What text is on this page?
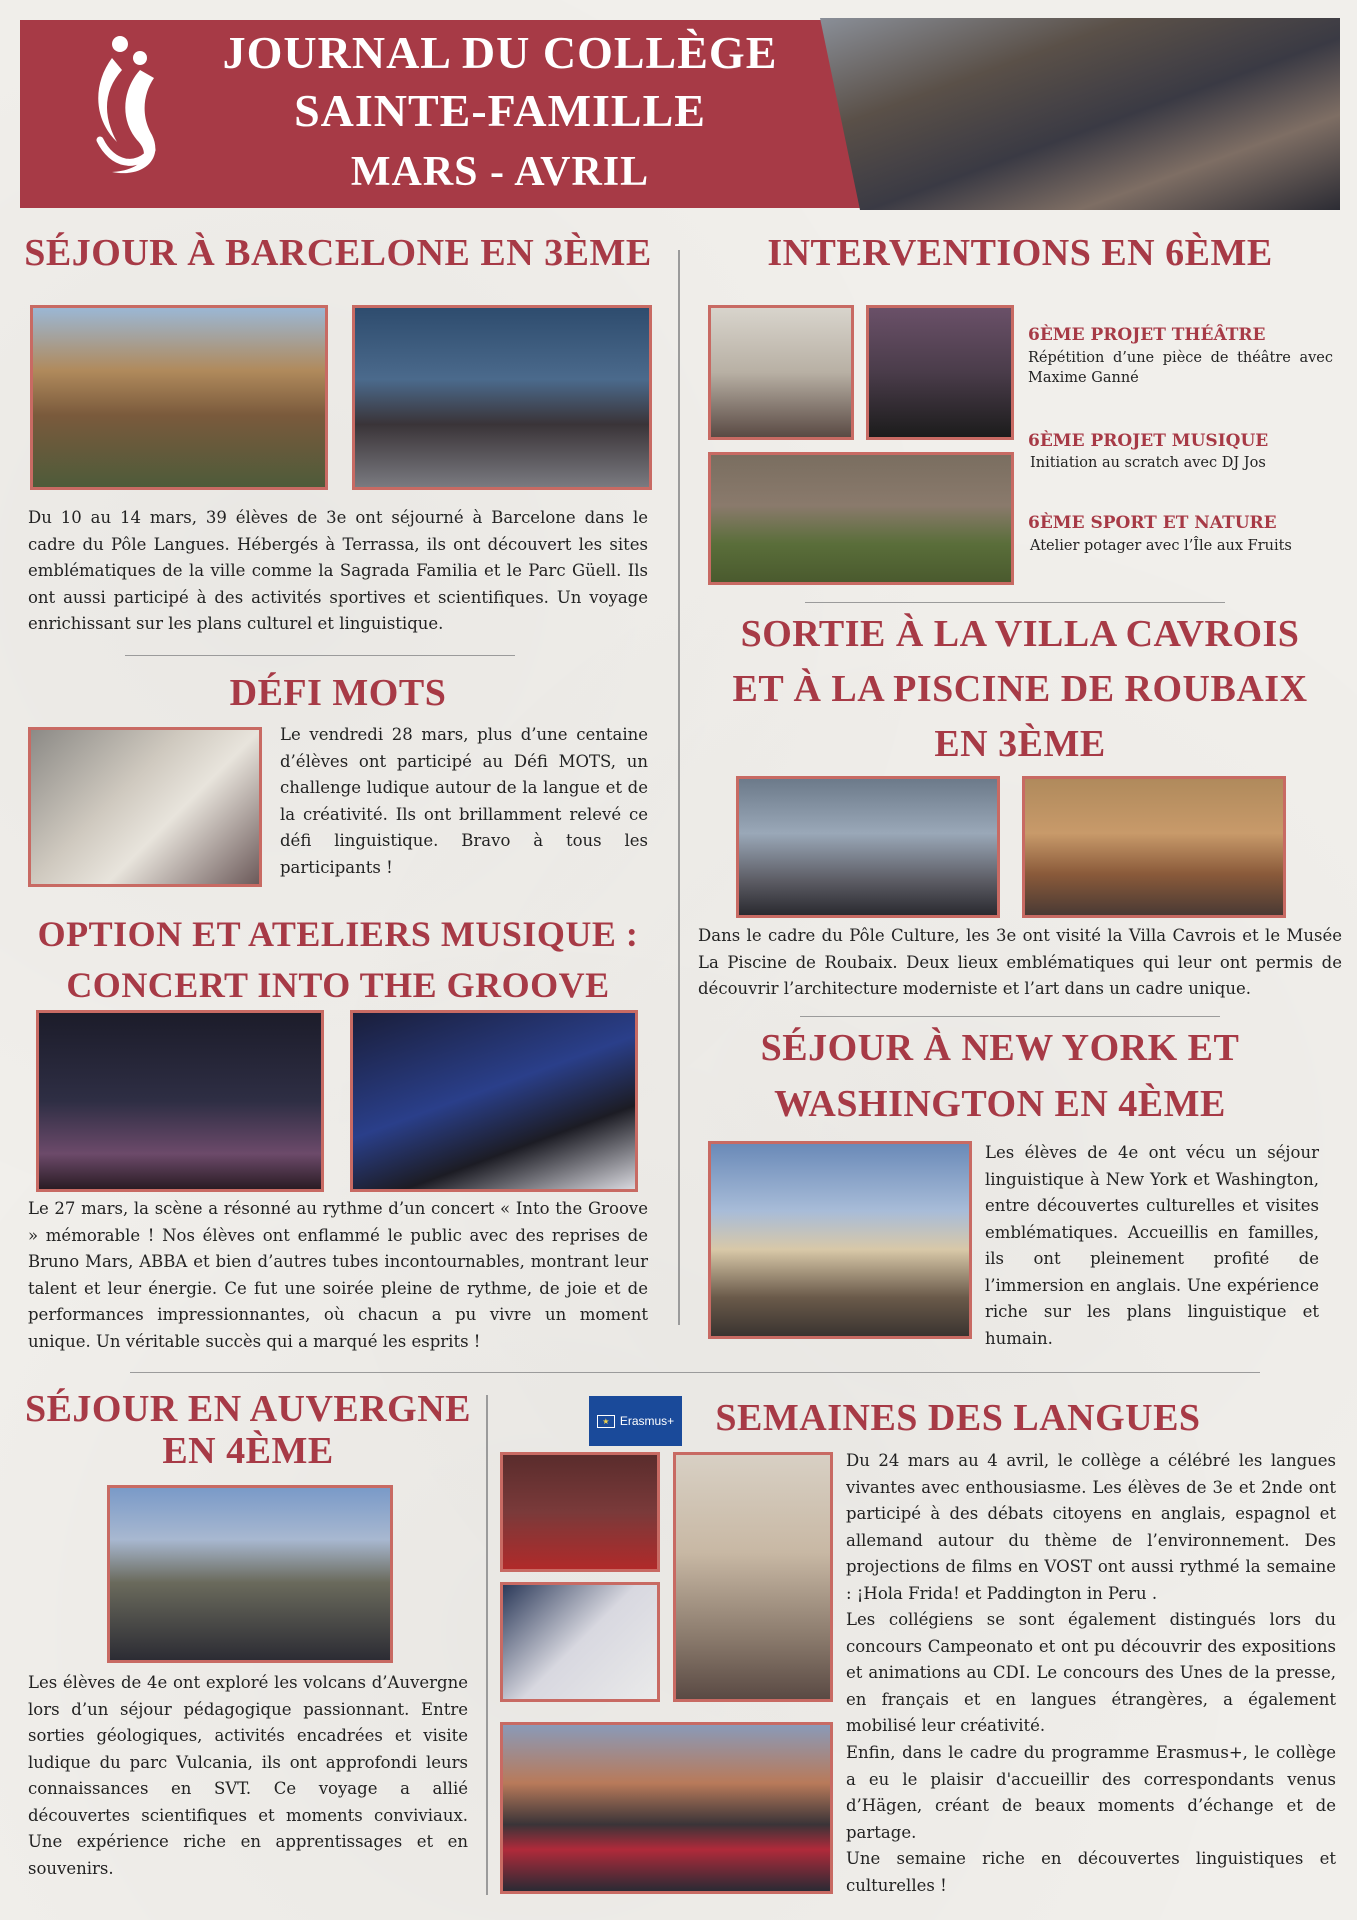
JOURNAL DU COLLÈGE
SAINTE-FAMILLE
MARS - AVRIL
SÉJOUR À BARCELONE EN 3ÈME

Du 10 au 14 mars, 39 élèves de 3e ont séjourné à Barcelone dans le cadre du Pôle Langues. Hébergés à Terrassa, ils ont découvert les sites emblématiques de la ville comme la Sagrada Familia et le Parc Güell. Ils ont aussi participé à des activités sportives et scientifiques. Un voyage enrichissant sur les plans culturel et linguistique.

DÉFI MOTS

Le vendredi 28 mars, plus d’une centaine d’élèves ont participé au Défi MOTS, un challenge ludique autour de la langue et de la créativité. Ils ont brillamment relevé ce défi linguistique. Bravo à tous les participants !

OPTION ET ATELIERS MUSIQUE :
CONCERT INTO THE GROOVE

Le 27 mars, la scène a résonné au rythme d’un concert « Into the Groove » mémorable ! Nos élèves ont enflammé le public avec des reprises de Bruno Mars, ABBA et bien d’autres tubes incontournables, montrant leur talent et leur énergie. Ce fut une soirée pleine de rythme, de joie et de performances impressionnantes, où chacun a pu vivre un moment unique. Un véritable succès qui a marqué les esprits !

INTERVENTIONS EN 6ÈME
6ÈME PROJET THÉÂTRE

Répétition d’une pièce de théâtre avec Maxime Ganné

6ÈME PROJET MUSIQUE

Initiation au scratch avec DJ Jos

6ÈME SPORT ET NATURE

Atelier potager avec l’Île aux Fruits

SORTIE À LA VILLA CAVROIS
ET À LA PISCINE DE ROUBAIX
EN 3ÈME

Dans le cadre du Pôle Culture, les 3e ont visité la Villa Cavrois et le Musée La Piscine de Roubaix. Deux lieux emblématiques qui leur ont permis de découvrir l’architecture moderniste et l’art dans un cadre unique.

SÉJOUR À NEW YORK ET
WASHINGTON EN 4ÈME

Les élèves de 4e ont vécu un séjour linguistique à New York et Washington, entre découvertes culturelles et visites emblématiques. Accueillis en familles, ils ont pleinement profité de l’immersion en anglais. Une expérience riche sur les plans linguistique et humain.

SÉJOUR EN AUVERGNE
EN 4ÈME

Les élèves de 4e ont exploré les volcans d’Auvergne lors d’un séjour pédagogique passionnant. Entre sorties géologiques, activités encadrées et visite ludique du parc Vulcania, ils ont approfondi leurs connaissances en SVT. Ce voyage a allié découvertes scientifiques et moments conviviaux. Une expérience riche en apprentissages et en souvenirs.

★ Erasmus+	SEMAINES DES LANGUES

Du 24 mars au 4 avril, le collège a célébré les langues vivantes avec enthousiasme. Les élèves de 3e et 2nde ont participé à des débats citoyens en anglais, espagnol et allemand autour du thème de l’environnement. Des projections de films en VOST ont aussi rythmé la semaine : ¡Hola Frida! et Paddington in Peru .

Les collégiens se sont également distingués lors du concours Campeonato et ont pu découvrir des expositions et animations au CDI. Le concours des Unes de la presse, en français et en langues étrangères, a également mobilisé leur créativité.

Enfin, dans le cadre du programme Erasmus+, le collège a eu le plaisir d'accueillir des correspondants venus d’Hägen, créant de beaux moments d’échange et de partage.

Une semaine riche en découvertes linguistiques et culturelles !
